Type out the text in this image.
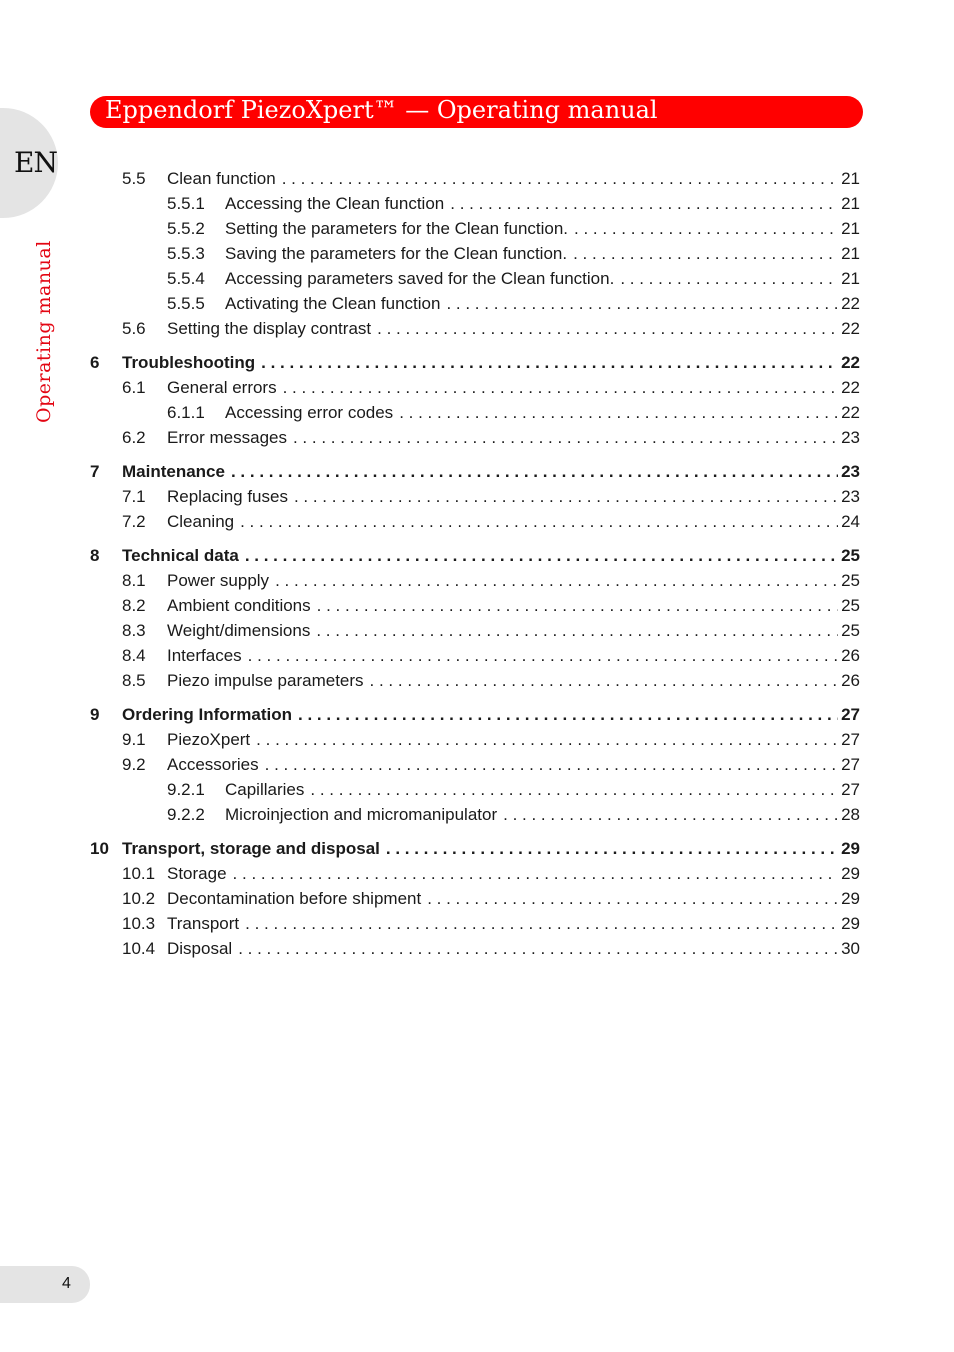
EN
Operating manual
Eppendorf PiezoXpert™ — Operating manual
5.5	Clean function . . .	21
5.5.1	Accessing the Clean function . . .	21
5.5.2	Setting the parameters for the Clean function. . . .	21
5.5.3	Saving the parameters for the Clean function. . . .	21
5.5.4	Accessing parameters saved for the Clean function. . . .	21
5.5.5	Activating the Clean function . . .	22
5.6	Setting the display contrast . . .	22
6	Troubleshooting . . .	22
6.1	General errors . . .	22
6.1.1	Accessing error codes . . .	22
6.2	Error messages . . .	23
7	Maintenance . . .	23
7.1	Replacing fuses . . .	23
7.2	Cleaning . . .	24
8	Technical data . . .	25
8.1	Power supply . . .	25
8.2	Ambient conditions . . .	25
8.3	Weight/dimensions . . .	25
8.4	Interfaces . . .	26
8.5	Piezo impulse parameters . . .	26
9	Ordering Information . . .	27
9.1	PiezoXpert . . .	27
9.2	Accessories . . .	27
9.2.1	Capillaries . . .	27
9.2.2	Microinjection and micromanipulator . . .	28
10 Transport, storage and disposal . . .	29
10.1 Storage . . .	29
10.2 Decontamination before shipment . . .	29
10.3 Transport . . .	29
10.4 Disposal . . .	30
4
